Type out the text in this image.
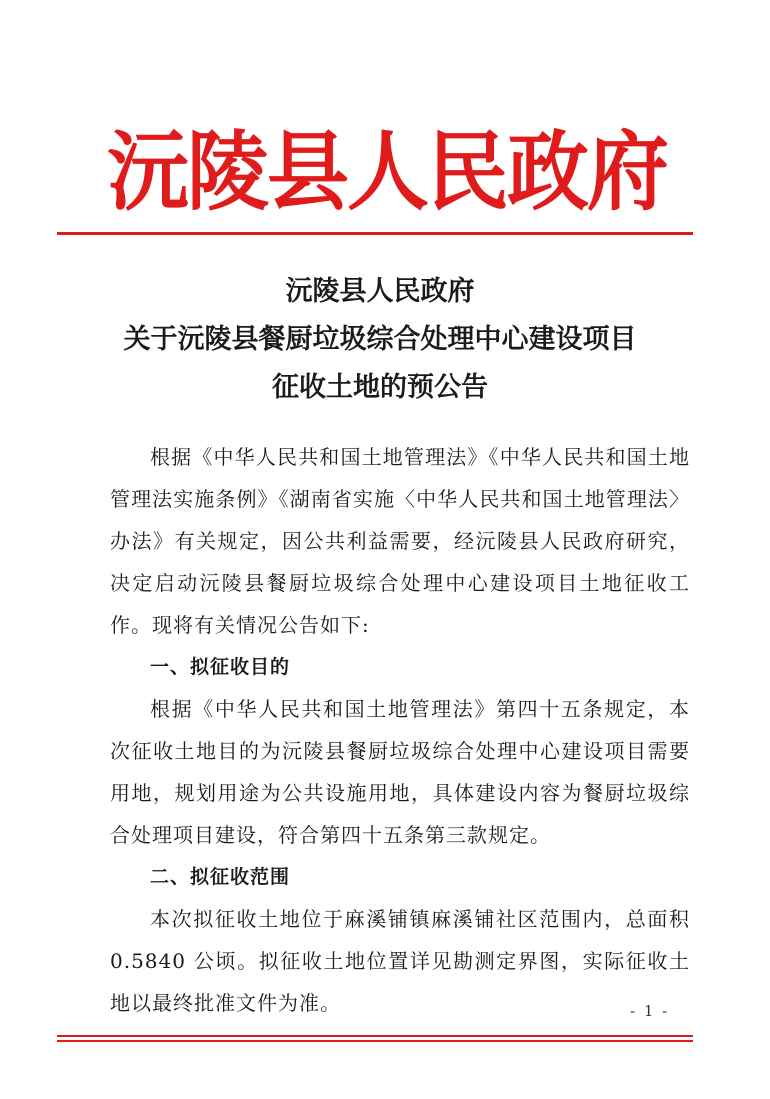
沅陵县人民政府
沅陵县人民政府
关于沅陵县餐厨垃圾综合处理中心建设项目
征收土地的预公告

根据《中华人民共和国土地管理法》《中华人民共和国土地管理法实施条例》《湖南省实施〈中华人民共和国土地管理法〉办法》有关规定，因公共利益需要，经沅陵县人民政府研究，决定启动沅陵县餐厨垃圾综合处理中心建设项目土地征收工作。现将有关情况公告如下:

一、拟征收目的

根据《中华人民共和国土地管理法》第四十五条规定，本次征收土地目的为沅陵县餐厨垃圾综合处理中心建设项目需要用地，规划用途为公共设施用地，具体建设内容为餐厨垃圾综合处理项目建设，符合第四十五条第三款规定。

二、拟征收范围

本次拟征收土地位于麻溪铺镇麻溪铺社区范围内，总面积 0.5840 公顷。拟征收土地位置详见勘测定界图，实际征收土地以最终批准文件为准。	- 1 -
